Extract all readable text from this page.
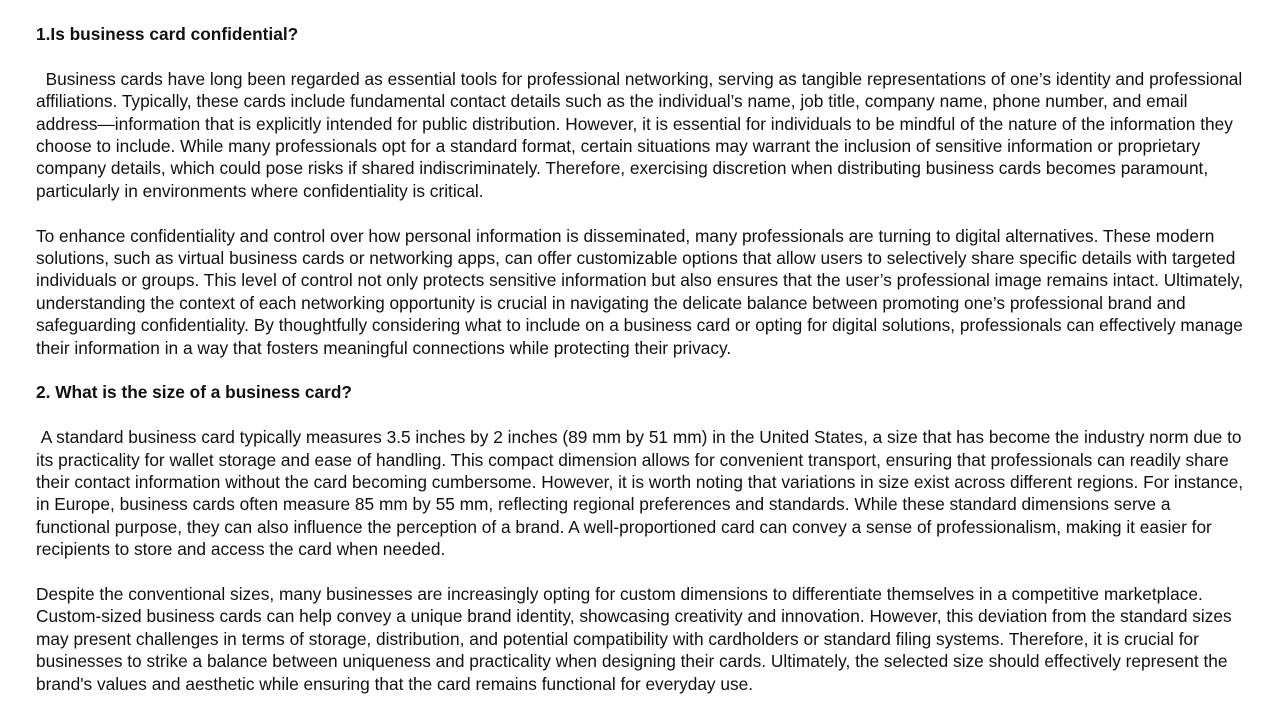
1.Is business card confidential?

Business cards have long been regarded as essential tools for professional networking, serving as tangible representations of one’s identity and professional affiliations. Typically, these cards include fundamental contact details such as the individual’s name, job title, company name, phone number, and email address—information that is explicitly intended for public distribution. However, it is essential for individuals to be mindful of the nature of the information they choose to include. While many professionals opt for a standard format, certain situations may warrant the inclusion of sensitive information or proprietary company details, which could pose risks if shared indiscriminately. Therefore, exercising discretion when distributing business cards becomes paramount, particularly in environments where confidentiality is critical.

To enhance confidentiality and control over how personal information is disseminated, many professionals are turning to digital alternatives. These modern solutions, such as virtual business cards or networking apps, can offer customizable options that allow users to selectively share specific details with targeted individuals or groups. This level of control not only protects sensitive information but also ensures that the user’s professional image remains intact. Ultimately, understanding the context of each networking opportunity is crucial in navigating the delicate balance between promoting one’s professional brand and safeguarding confidentiality. By thoughtfully considering what to include on a business card or opting for digital solutions, professionals can effectively manage their information in a way that fosters meaningful connections while protecting their privacy.

2. What is the size of a business card?

A standard business card typically measures 3.5 inches by 2 inches (89 mm by 51 mm) in the United States, a size that has become the industry norm due to its practicality for wallet storage and ease of handling. This compact dimension allows for convenient transport, ensuring that professionals can readily share their contact information without the card becoming cumbersome. However, it is worth noting that variations in size exist across different regions. For instance, in Europe, business cards often measure 85 mm by 55 mm, reflecting regional preferences and standards. While these standard dimensions serve a functional purpose, they can also influence the perception of a brand. A well-proportioned card can convey a sense of professionalism, making it easier for recipients to store and access the card when needed.

Despite the conventional sizes, many businesses are increasingly opting for custom dimensions to differentiate themselves in a competitive marketplace. Custom-sized business cards can help convey a unique brand identity, showcasing creativity and innovation. However, this deviation from the standard sizes may present challenges in terms of storage, distribution, and potential compatibility with cardholders or standard filing systems. Therefore, it is crucial for businesses to strike a balance between uniqueness and practicality when designing their cards. Ultimately, the selected size should effectively represent the brand's values and aesthetic while ensuring that the card remains functional for everyday use.
